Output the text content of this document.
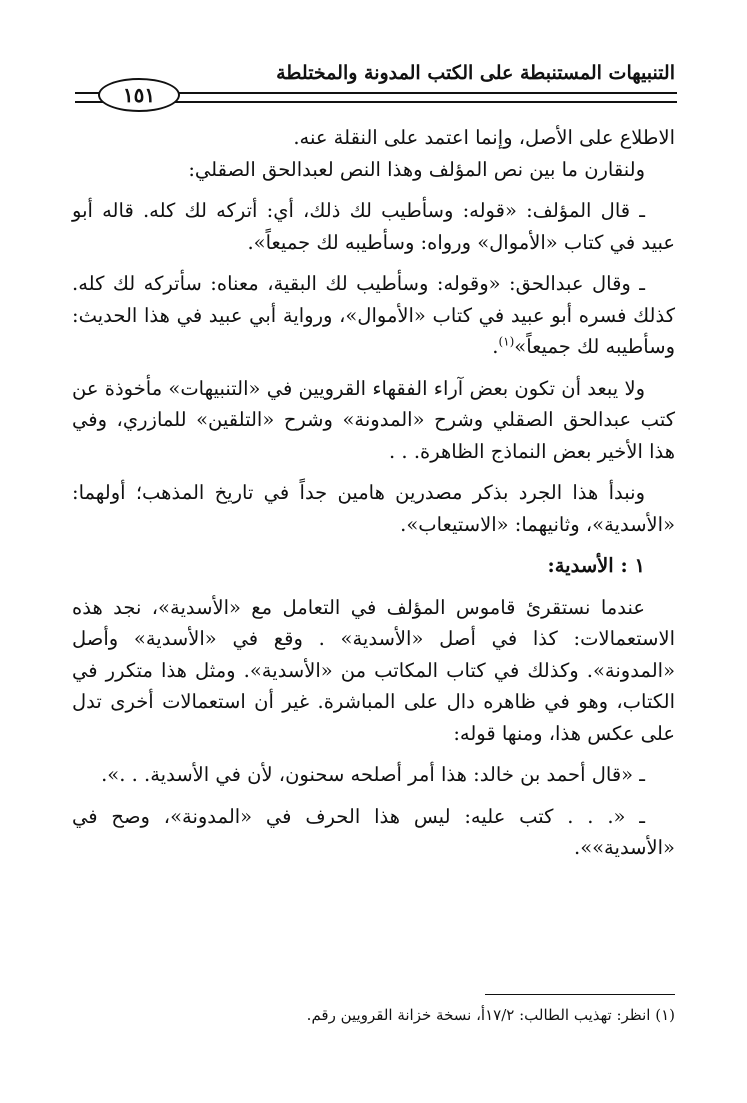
التنبيهات المستنبطة على الكتب المدونة والمختلطة
١٥١

الاطلاع على الأصل، وإنما اعتمد على النقلة عنه.

ولنقارن ما بين نص المؤلف وهذا النص لعبدالحق الصقلي:

ـ قال المؤلف: «قوله: وسأطيب لك ذلك، أي: أتركه لك كله. قاله أبو عبيد في كتاب «الأموال» ورواه: وسأطيبه لك جميعاً».

ـ وقال عبدالحق: «وقوله: وسأطيب لك البقية، معناه: سأتركه لك كله. كذلك فسره أبو عبيد في كتاب «الأموال»، ورواية أبي عبيد في هذا الحديث: وسأطيبه لك جميعاً»$^{(١)}$.

ولا يبعد أن تكون بعض آراء الفقهاء القرويين في «التنبيهات» مأخوذة عن كتب عبدالحق الصقلي وشرح «المدونة» وشرح «التلقين» للمازري، وفي هذا الأخير بعض النماذج الظاهرة. . .

ونبدأ هذا الجرد بذكر مصدرين هامين جداً في تاريخ المذهب؛ أولهما: «الأسدية»، وثانيهما: «الاستيعاب».

١ : الأسدية:

عندما نستقرئ قاموس المؤلف في التعامل مع «الأسدية»، نجد هذه الاستعمالات: كذا في أصل «الأسدية» . وقع في «الأسدية» وأصل «المدونة». وكذلك في كتاب المكاتب من «الأسدية». ومثل هذا متكرر في الكتاب، وهو في ظاهره دال على المباشرة. غير أن استعمالات أخرى تدل على عكس هذا، ومنها قوله:

ـ «قال أحمد بن خالد: هذا أمر أصلحه سحنون، لأن في الأسدية. . .».

ـ «. . . كتب عليه: ليس هذا الحرف في «المدونة»، وصح في «الأسدية»».

(١) انظر: تهذيب الطالب: ١٧/٢أ، نسخة خزانة القرويين رقم.
